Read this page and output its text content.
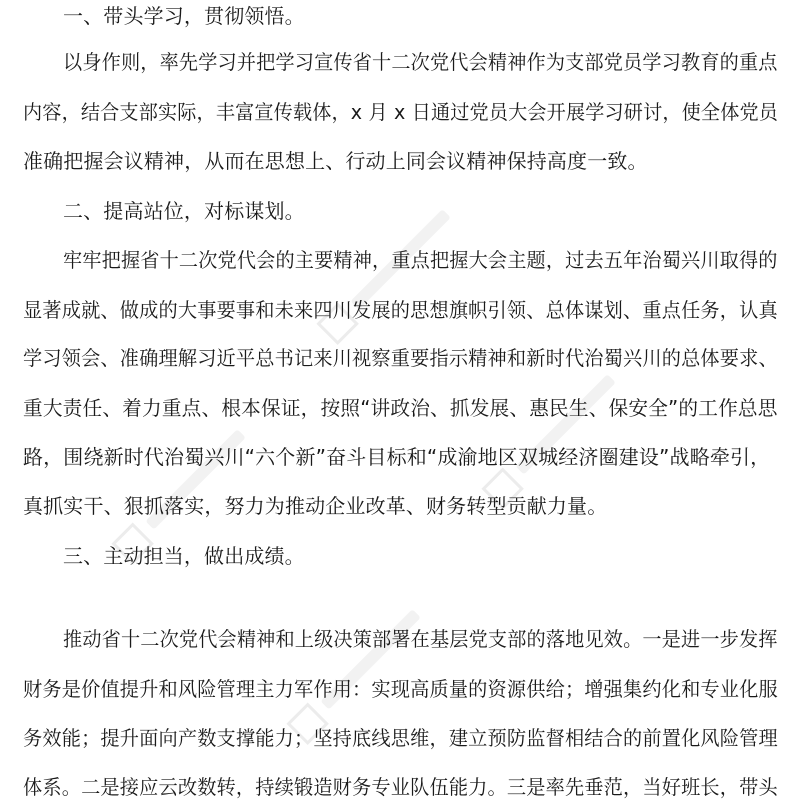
一、带头学习，贯彻领悟。
以身作则，率先学习并把学习宣传省十二次党代会精神作为支部党员学习教育的重点
内容，结合支部实际，丰富宣传载体，x 月 x 日通过党员大会开展学习研讨，使全体党员
准确把握会议精神，从而在思想上、行动上同会议精神保持高度一致。
二、提高站位，对标谋划。
牢牢把握省十二次党代会的主要精神，重点把握大会主题，过去五年治蜀兴川取得的
显著成就、做成的大事要事和未来四川发展的思想旗帜引领、总体谋划、重点任务，认真
学习领会、准确理解习近平总书记来川视察重要指示精神和新时代治蜀兴川的总体要求、
重大责任、着力重点、根本保证，按照“讲政治、抓发展、惠民生、保安全”的工作总思
路，围绕新时代治蜀兴川“六个新”奋斗目标和“成渝地区双城经济圈建设”战略牵引，
真抓实干、狠抓落实，努力为推动企业改革、财务转型贡献力量。
三、主动担当，做出成绩。
推动省十二次党代会精神和上级决策部署在基层党支部的落地见效。一是进一步发挥
财务是价值提升和风险管理主力军作用：实现高质量的资源供给；增强集约化和专业化服
务效能；提升面向产数支撑能力；坚持底线思维，建立预防监督相结合的前置化风险管理
体系。二是接应云改数转，持续锻造财务专业队伍能力。三是率先垂范，当好班长，带头
